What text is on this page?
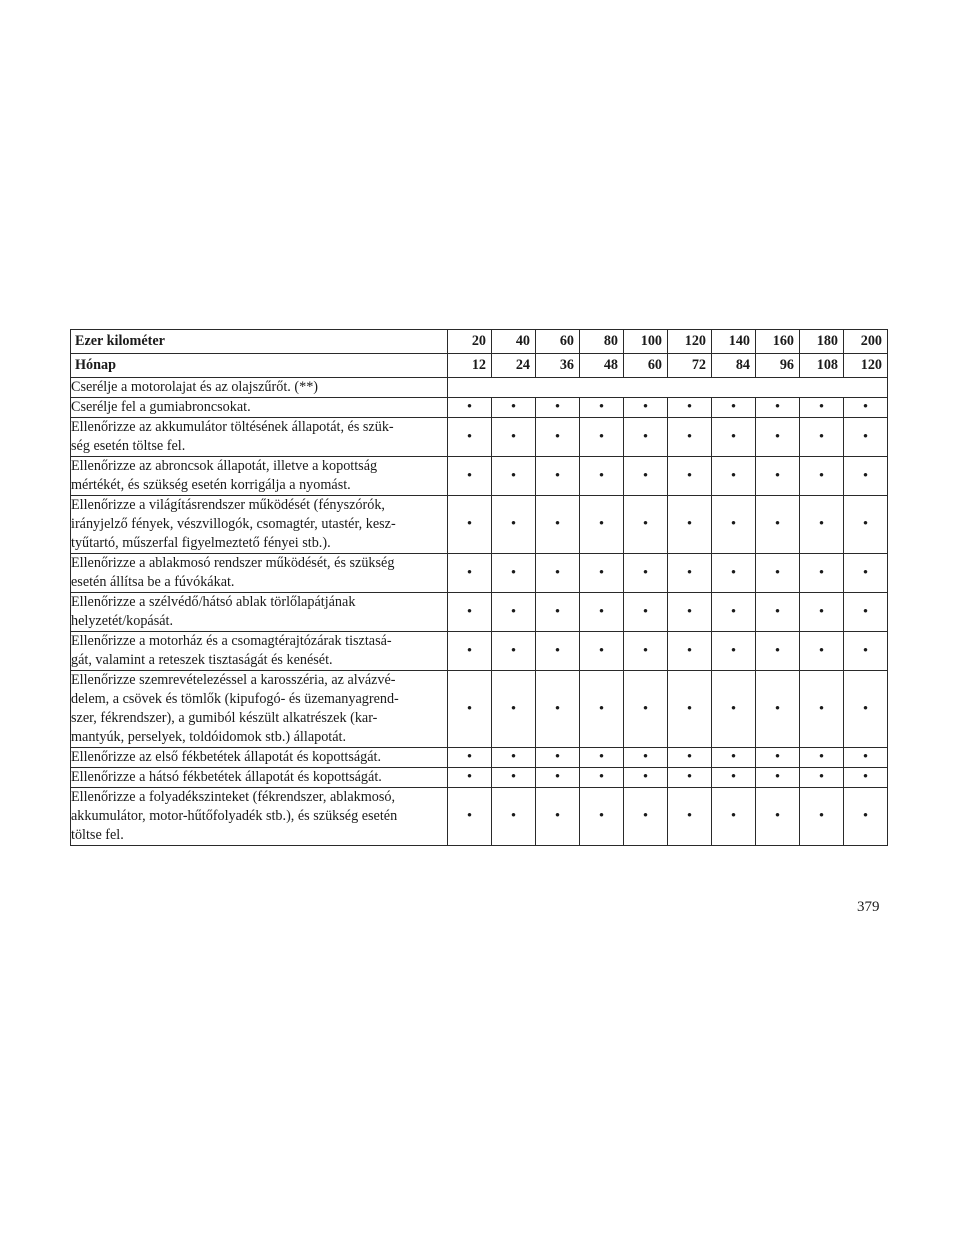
Ezer kilométer	20	40	60	80	100	120	140	160	180	200
Hónap	12	24	36	48	60	72	84	96	108	120

Cserélje a motorolajat és az olajszűrőt. (**)										

Cserélje fel a gumiabroncsokat.	•	•	•	•	•	•	•	•	•	•

Ellenőrizze az akkumulátor töltésének állapotát, és szük-
ség esetén töltse fel.	•	•	•	•	•	•	•	•	•	•

Ellenőrizze az abroncsok állapotát, illetve a kopottság
mértékét, és szükség esetén korrigálja a nyomást.	•	•	•	•	•	•	•	•	•	•

Ellenőrizze a világításrendszer működését (fényszórók,
irányjelző fények, vészvillogók, csomagtér, utastér, kesz-
tyűtartó, műszerfal figyelmeztető fényei stb.).	•	•	•	•	•	•	•	•	•	•

Ellenőrizze a ablakmosó rendszer működését, és szükség
esetén állítsa be a fúvókákat.	•	•	•	•	•	•	•	•	•	•

Ellenőrizze a szélvédő/hátsó ablak törlőlapátjának
helyzetét/kopását.	•	•	•	•	•	•	•	•	•	•

Ellenőrizze a motorház és a csomagtérajtózárak tisztasá-
gát, valamint a reteszek tisztaságát és kenését.	•	•	•	•	•	•	•	•	•	•

Ellenőrizze szemrevételezéssel a karosszéria, az alvázvé-
delem, a csövek és tömlők (kipufogó- és üzemanyagrend-
szer, fékrendszer), a gumiból készült alkatrészek (kar-
mantyúk, perselyek, toldóidomok stb.) állapotát.	•	•	•	•	•	•	•	•	•	•

Ellenőrizze az első fékbetétek állapotát és kopottságát.	•	•	•	•	•	•	•	•	•	•

Ellenőrizze a hátsó fékbetétek állapotát és kopottságát.	•	•	•	•	•	•	•	•	•	•

Ellenőrizze a folyadékszinteket (fékrendszer, ablakmosó,
akkumulátor, motor-hűtőfolyadék stb.), és szükség esetén
töltse fel.	•	•	•	•	•	•	•	•	•	•
379
